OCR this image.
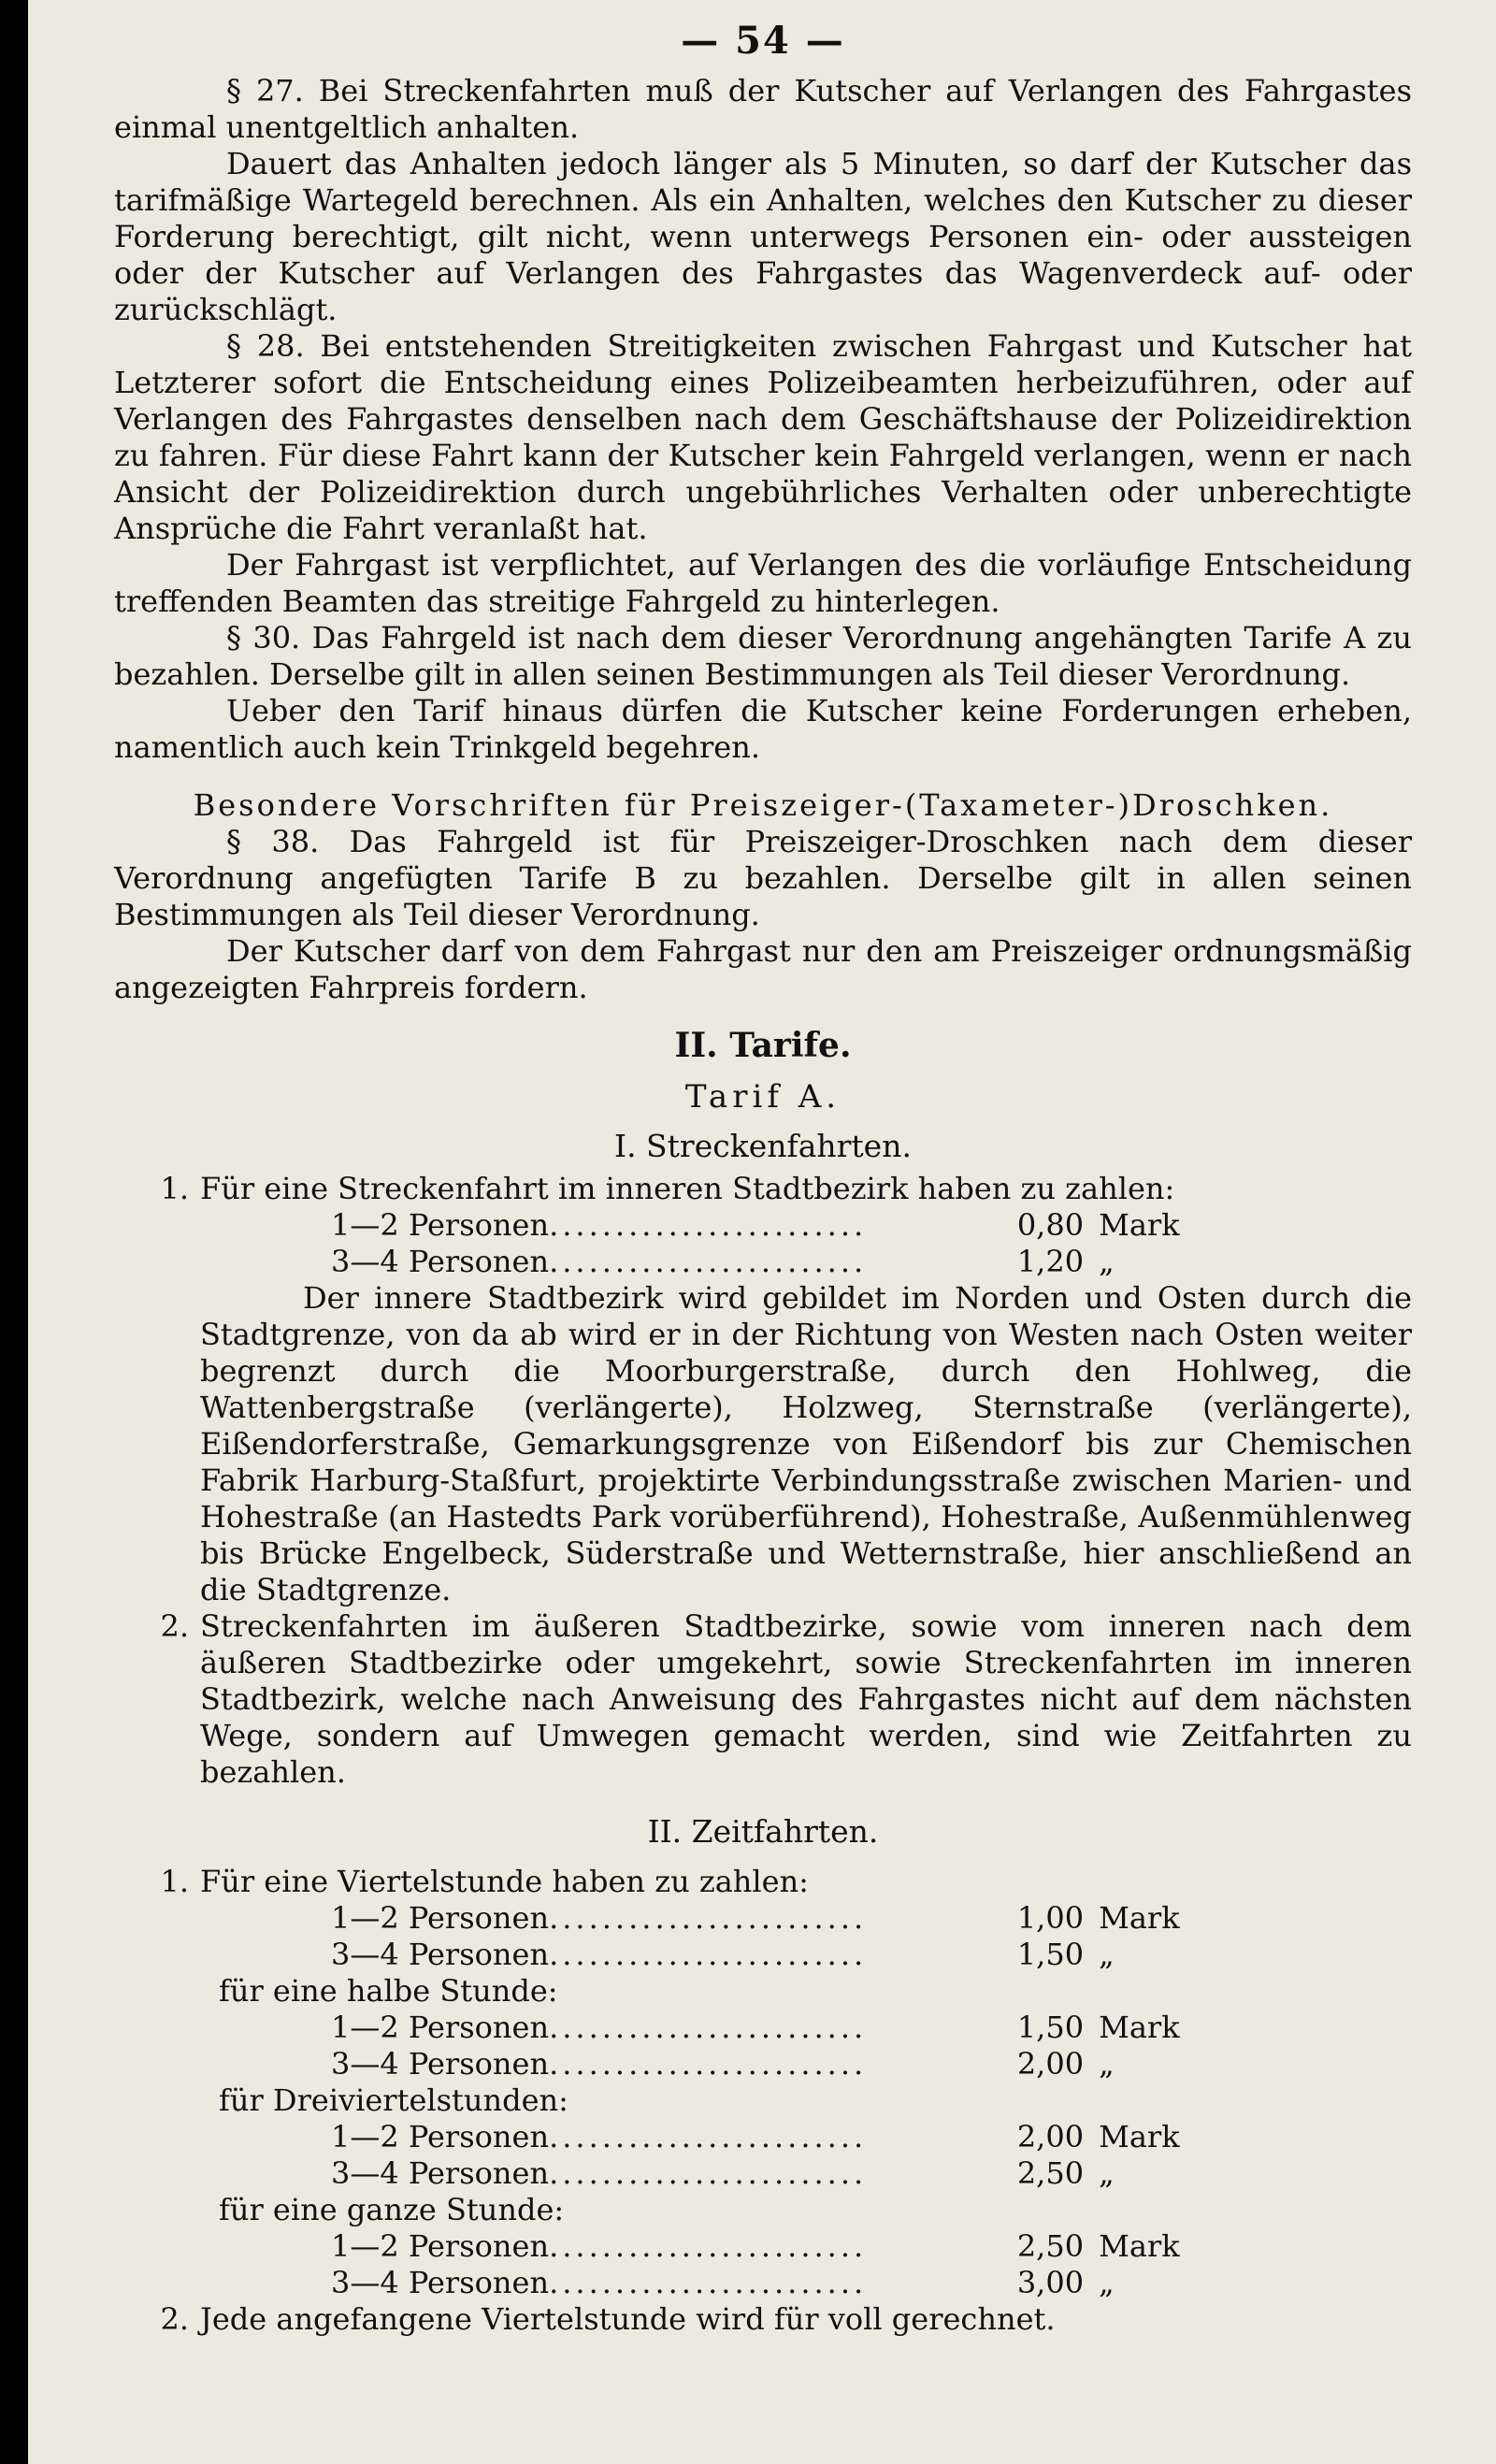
— 54 —

§ 27. Bei Streckenfahrten muß der Kutscher auf Verlangen des Fahrgastes einmal unentgeltlich anhalten.

Dauert das Anhalten jedoch länger als 5 Minuten, so darf der Kutscher das tarifmäßige Wartegeld berechnen. Als ein Anhalten, welches den Kutscher zu dieser Forderung berechtigt, gilt nicht, wenn unterwegs Personen ein- oder aussteigen oder der Kutscher auf Verlangen des Fahrgastes das Wagenverdeck auf- oder zurückschlägt.

§ 28. Bei entstehenden Streitigkeiten zwischen Fahrgast und Kutscher hat Letzterer sofort die Entscheidung eines Polizeibeamten herbeizuführen, oder auf Verlangen des Fahrgastes denselben nach dem Geschäftshause der Polizeidirektion zu fahren. Für diese Fahrt kann der Kutscher kein Fahrgeld verlangen, wenn er nach Ansicht der Polizeidirektion durch ungebührliches Verhalten oder unberechtigte Ansprüche die Fahrt veranlaßt hat.

Der Fahrgast ist verpflichtet, auf Verlangen des die vorläufige Entscheidung treffenden Beamten das streitige Fahrgeld zu hinterlegen.

§ 30. Das Fahrgeld ist nach dem dieser Verordnung angehängten Tarife A zu bezahlen. Derselbe gilt in allen seinen Bestimmungen als Teil dieser Verordnung.

Ueber den Tarif hinaus dürfen die Kutscher keine Forderungen erheben, namentlich auch kein Trinkgeld begehren.

Besondere Vorschriften für Preiszeiger-(Taxameter-)Droschken.

§ 38. Das Fahrgeld ist für Preiszeiger-Droschken nach dem dieser Verordnung angefügten Tarife B zu bezahlen. Derselbe gilt in allen seinen Bestimmungen als Teil dieser Verordnung.

Der Kutscher darf von dem Fahrgast nur den am Preiszeiger ordnungsmäßig angezeigten Fahrpreis fordern.

II. Tarife.
Tarif A.
I. Streckenfahrten.
1. Für eine Streckenfahrt im inneren Stadtbezirk haben zu zahlen:
1—2 Personen ........................	0,80 Mark
3—4 Personen ........................	1,20 „
Der innere Stadtbezirk wird gebildet im Norden und Osten durch die Stadtgrenze, von da ab wird er in der Richtung von Westen nach Osten weiter begrenzt durch die Moorburgerstraße, durch den Hohlweg, die Wattenbergstraße (verlängerte), Holzweg, Sternstraße (verlängerte), Eißendorferstraße, Gemarkungsgrenze von Eißendorf bis zur Chemischen Fabrik Harburg-Staßfurt, projektirte Verbindungsstraße zwischen Marien- und Hohestraße (an Hastedts Park vorüberführend), Hohestraße, Außenmühlenweg bis Brücke Engelbeck, Süderstraße und Wetternstraße, hier anschließend an die Stadtgrenze.
2. Streckenfahrten im äußeren Stadtbezirke, sowie vom inneren nach dem äußeren Stadtbezirke oder umgekehrt, sowie Streckenfahrten im inneren Stadtbezirk, welche nach Anweisung des Fahrgastes nicht auf dem nächsten Wege, sondern auf Umwegen gemacht werden, sind wie Zeitfahrten zu bezahlen.
II. Zeitfahrten.
1. Für eine Viertelstunde haben zu zahlen:
1—2 Personen ........................	1,00 Mark
3—4 Personen ........................	1,50 „
für eine halbe Stunde:
1—2 Personen ........................	1,50 Mark
3—4 Personen ........................	2,00 „
für Dreiviertelstunden:
1—2 Personen ........................	2,00 Mark
3—4 Personen ........................	2,50 „
für eine ganze Stunde:
1—2 Personen ........................	2,50 Mark
3—4 Personen ........................	3,00 „
2. Jede angefangene Viertelstunde wird für voll gerechnet.
